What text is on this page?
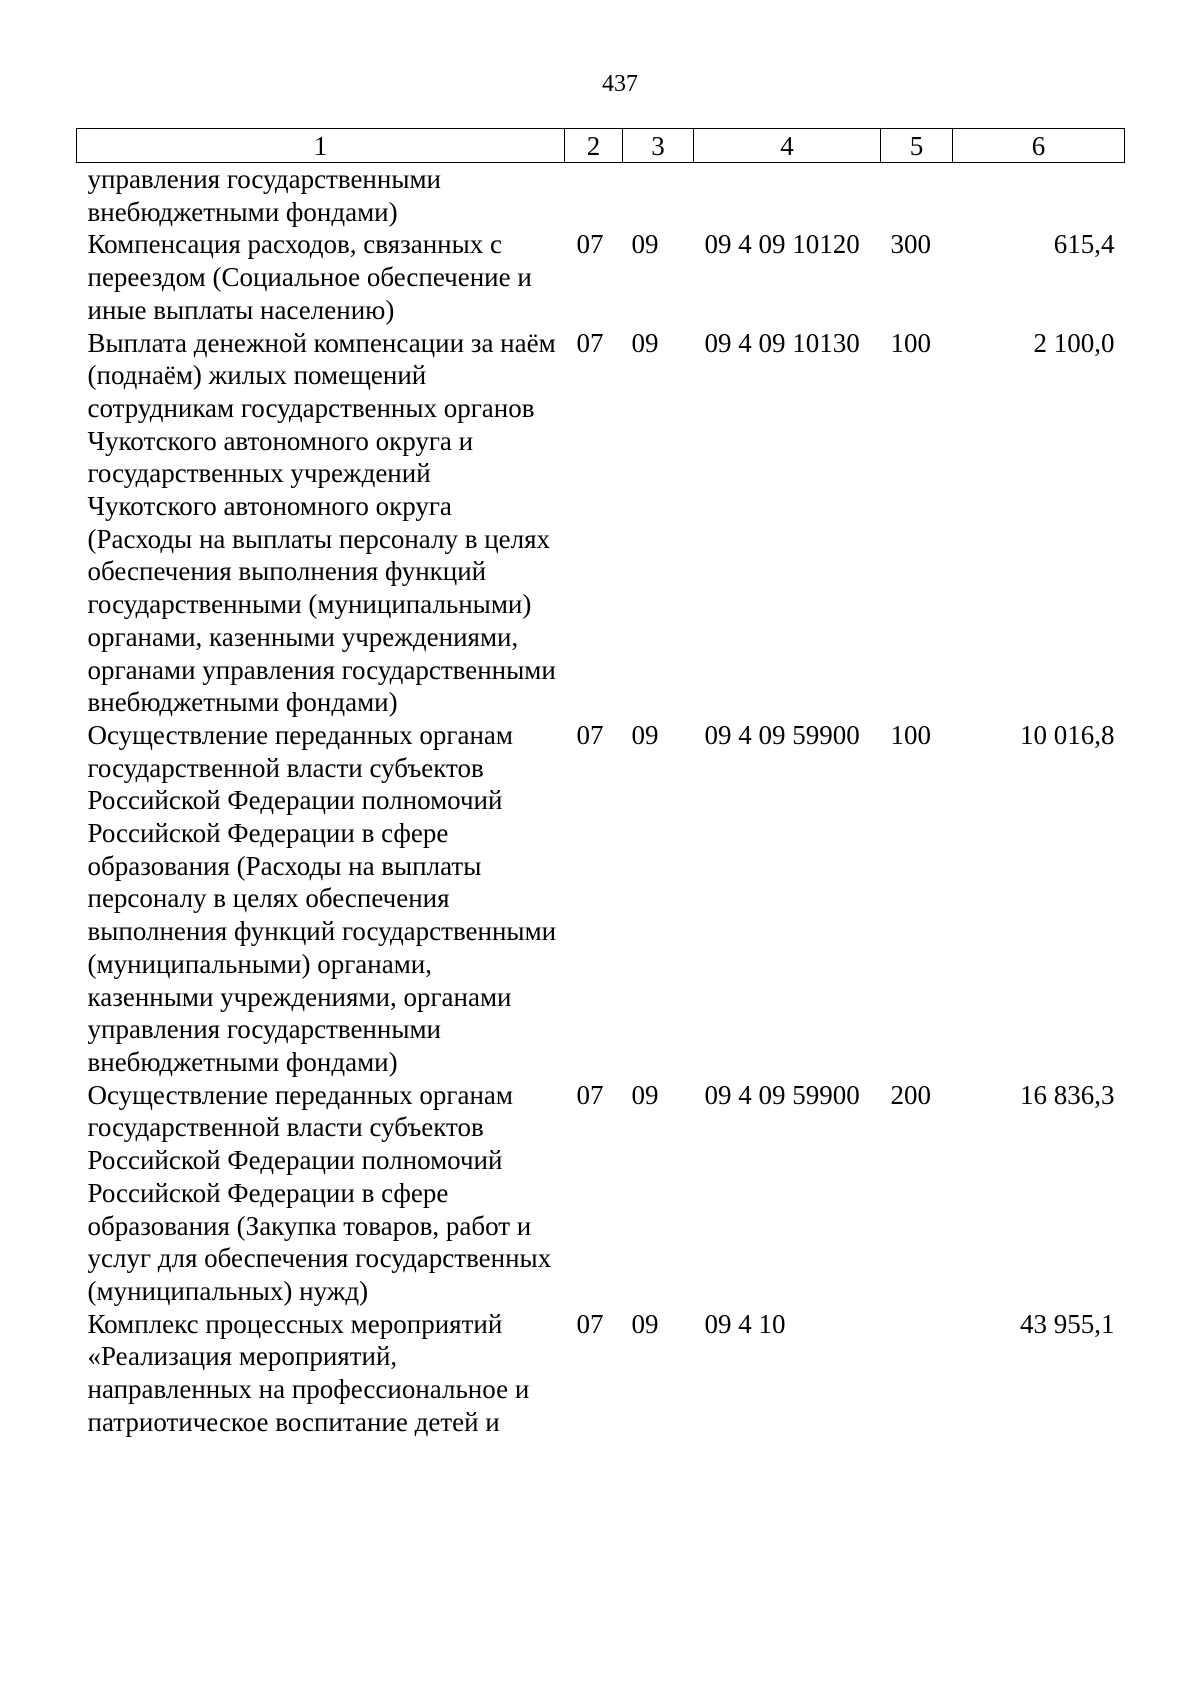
437
1	2	3	4	5	6
управления государственными внебюджетными фондами)					
Компенсация расходов, связанных с переездом (Социальное обеспечение и иные выплаты населению)	07	09	09 4 09 10120	300	615,4
Выплата денежной компенсации за наём (поднаём) жилых помещений сотрудникам государственных органов Чукотского автономного округа и государственных учреждений Чукотского автономного округа (Расходы на выплаты персоналу в целях обеспечения выполнения функций государственными (муниципальными) органами, казенными учреждениями, органами управления государственными внебюджетными фондами)	07	09	09 4 09 10130	100	2 100,0
Осуществление переданных органам государственной власти субъектов Российской Федерации полномочий Российской Федерации в сфере образования (Расходы на выплаты персоналу в целях обеспечения выполнения функций государственными (муниципальными) органами, казенными учреждениями, органами управления государственными внебюджетными фондами)	07	09	09 4 09 59900	100	10 016,8
Осуществление переданных органам государственной власти субъектов Российской Федерации полномочий Российской Федерации в сфере образования (Закупка товаров, работ и услуг для обеспечения государственных (муниципальных) нужд)	07	09	09 4 09 59900	200	16 836,3
Комплекс процессных мероприятий «Реализация мероприятий, направленных на профессиональное и патриотическое воспитание детей и	07	09	09 4 10		43 955,1
